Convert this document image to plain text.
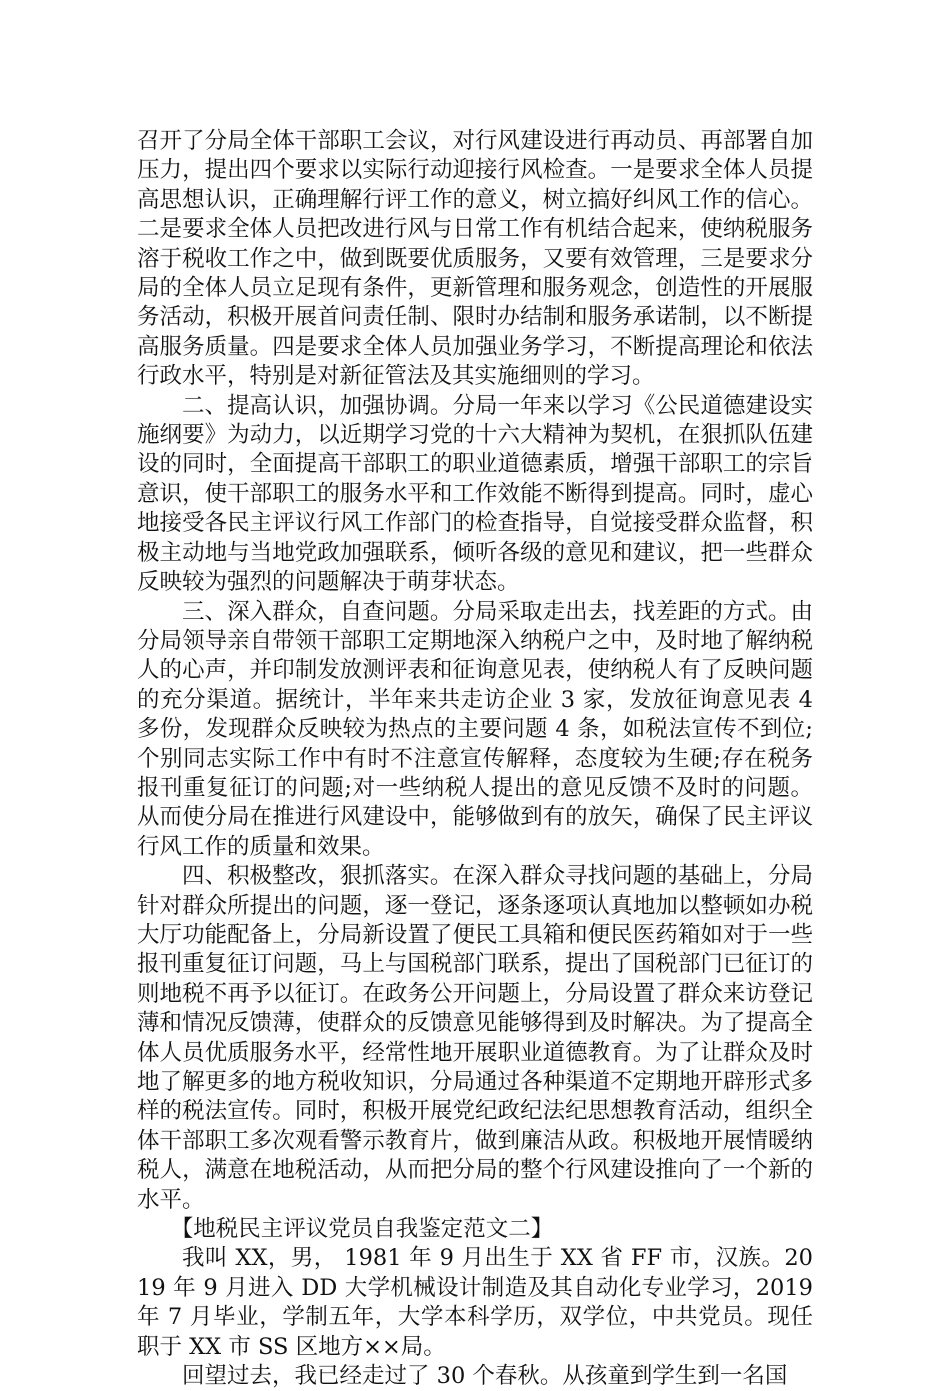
召开了分局全体干部职工会议，对行风建设进行再动员、再部署自加压力，提出四个要求以实际行动迎接行风检查。一是要求全体人员提高思想认识，正确理解行评工作的意义，树立搞好纠风工作的信心。二是要求全体人员把改进行风与日常工作有机结合起来，使纳税服务溶于税收工作之中，做到既要优质服务，又要有效管理，三是要求分局的全体人员立足现有条件，更新管理和服务观念，创造性的开展服务活动，积极开展首问责任制、限时办结制和服务承诺制，以不断提高服务质量。四是要求全体人员加强业务学习，不断提高理论和依法行政水平，特别是对新征管法及其实施细则的学习。

二、提高认识，加强协调。分局一年来以学习《公民道德建设实施纲要》为动力，以近期学习党的十六大精神为契机，在狠抓队伍建设的同时，全面提高干部职工的职业道德素质，增强干部职工的宗旨意识，使干部职工的服务水平和工作效能不断得到提高。同时，虚心地接受各民主评议行风工作部门的检查指导，自觉接受群众监督，积极主动地与当地党政加强联系，倾听各级的意见和建议，把一些群众反映较为强烈的问题解决于萌芽状态。

三、深入群众，自查问题。分局采取走出去，找差距的方式。由分局领导亲自带领干部职工定期地深入纳税户之中，及时地了解纳税人的心声，并印制发放测评表和征询意见表，使纳税人有了反映问题的充分渠道。据统计，半年来共走访企业 3 家，发放征询意见表 4 多份，发现群众反映较为热点的主要问题 4 条，如税法宣传不到位;个别同志实际工作中有时不注意宣传解释，态度较为生硬;存在税务报刊重复征订的问题;对一些纳税人提出的意见反馈不及时的问题。从而使分局在推进行风建设中，能够做到有的放矢，确保了民主评议行风工作的质量和效果。

四、积极整改，狠抓落实。在深入群众寻找问题的基础上，分局针对群众所提出的问题，逐一登记，逐条逐项认真地加以整顿如办税大厅功能配备上，分局新设置了便民工具箱和便民医药箱如对于一些报刊重复征订问题，马上与国税部门联系，提出了国税部门已征订的则地税不再予以征订。在政务公开问题上，分局设置了群众来访登记薄和情况反馈薄，使群众的反馈意见能够得到及时解决。为了提高全体人员优质服务水平，经常性地开展职业道德教育。为了让群众及时地了解更多的地方税收知识，分局通过各种渠道不定期地开辟形式多样的税法宣传。同时，积极开展党纪政纪法纪思想教育活动，组织全体干部职工多次观看警示教育片，做到廉洁从政。积极地开展情暖纳税人，满意在地税活动，从而把分局的整个行风建设推向了一个新的水平。

【地税民主评议党员自我鉴定范文二】

我叫 XX，男， 1981 年 9 月出生于 XX 省 FF 市，汉族。2019 年 9 月进入 DD 大学机械设计制造及其自动化专业学习，2019 年 7 月毕业，学制五年，大学本科学历，双学位，中共党员。现任职于 XX 市 SS 区地方××局。

回望过去，我已经走过了 30 个春秋。从孩童到学生到一名国
